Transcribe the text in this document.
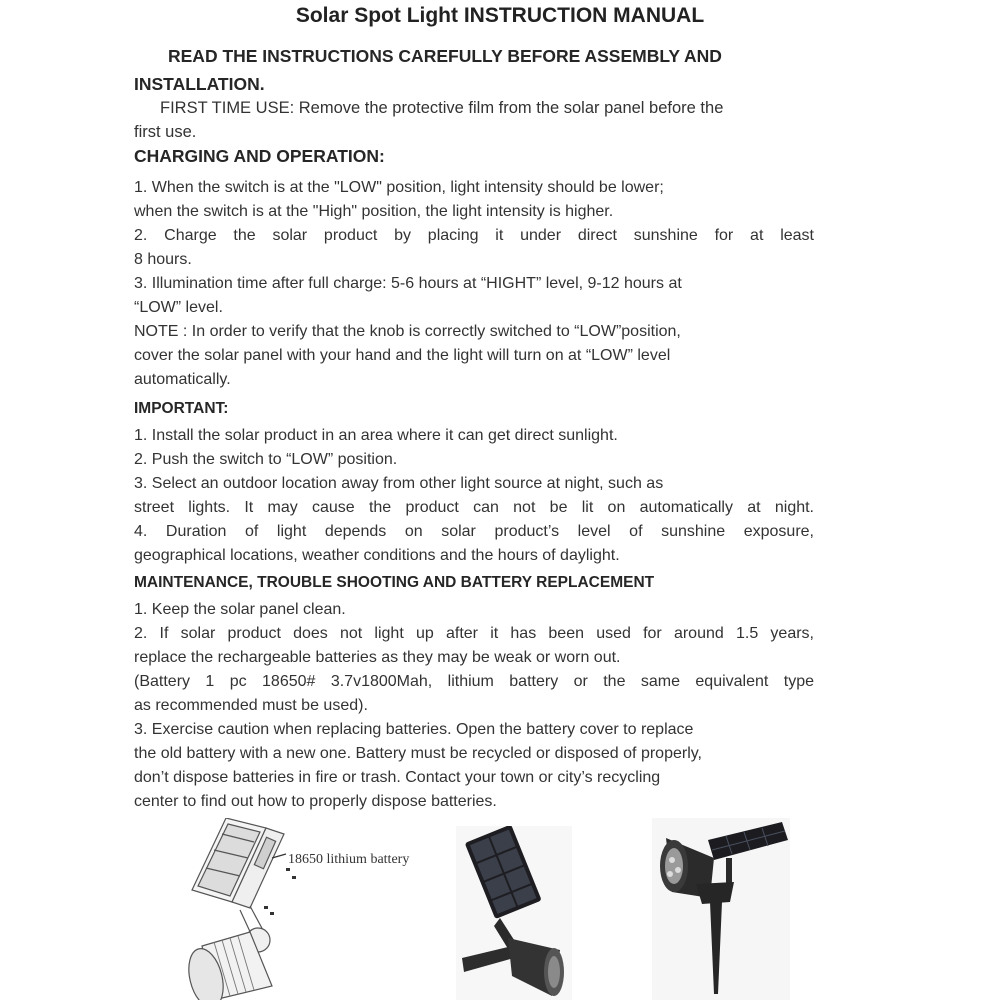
Solar Spot Light INSTRUCTION MANUAL
READ THE INSTRUCTIONS CAREFULLY BEFORE ASSEMBLY AND
INSTALLATION.
FIRST TIME USE: Remove the protective film from the solar panel before the
first use.
CHARGING AND OPERATION:

1. When the switch is at the "LOW" position, light intensity should be lower;

when the switch is at the "High" position, the light intensity is higher.

2. Charge the solar product by placing it under direct sunshine for at least

8 hours.

3. Illumination time after full charge: 5-6 hours at “HIGHT” level, 9-12 hours at

“LOW” level.

NOTE : In order to verify that the knob is correctly switched to “LOW”position,

cover the solar panel with your hand and the light will turn on at “LOW” level

automatically.

IMPORTANT:

1. Install the solar product in an area where it can get direct sunlight.

2. Push the switch to “LOW” position.

3. Select an outdoor location away from other light source at night, such as

street lights. It may cause the product can not be lit on automatically at night.

4. Duration of light depends on solar product’s level of sunshine exposure,

geographical locations, weather conditions and the hours of daylight.

MAINTENANCE, TROUBLE SHOOTING AND BATTERY REPLACEMENT

1. Keep the solar panel clean.

2. If solar product does not light up after it has been used for around 1.5 years,

replace the rechargeable batteries as they may be weak or worn out.

(Battery 1 pc 18650# 3.7v1800Mah, lithium battery or the same equivalent type

as recommended must be used).

3. Exercise caution when replacing batteries. Open the battery cover to replace

the old battery with a new one. Battery must be recycled or disposed of properly,

don’t dispose batteries in fire or trash. Contact your town or city’s recycling

center to find out how to properly dispose batteries.

18650 lithium battery
